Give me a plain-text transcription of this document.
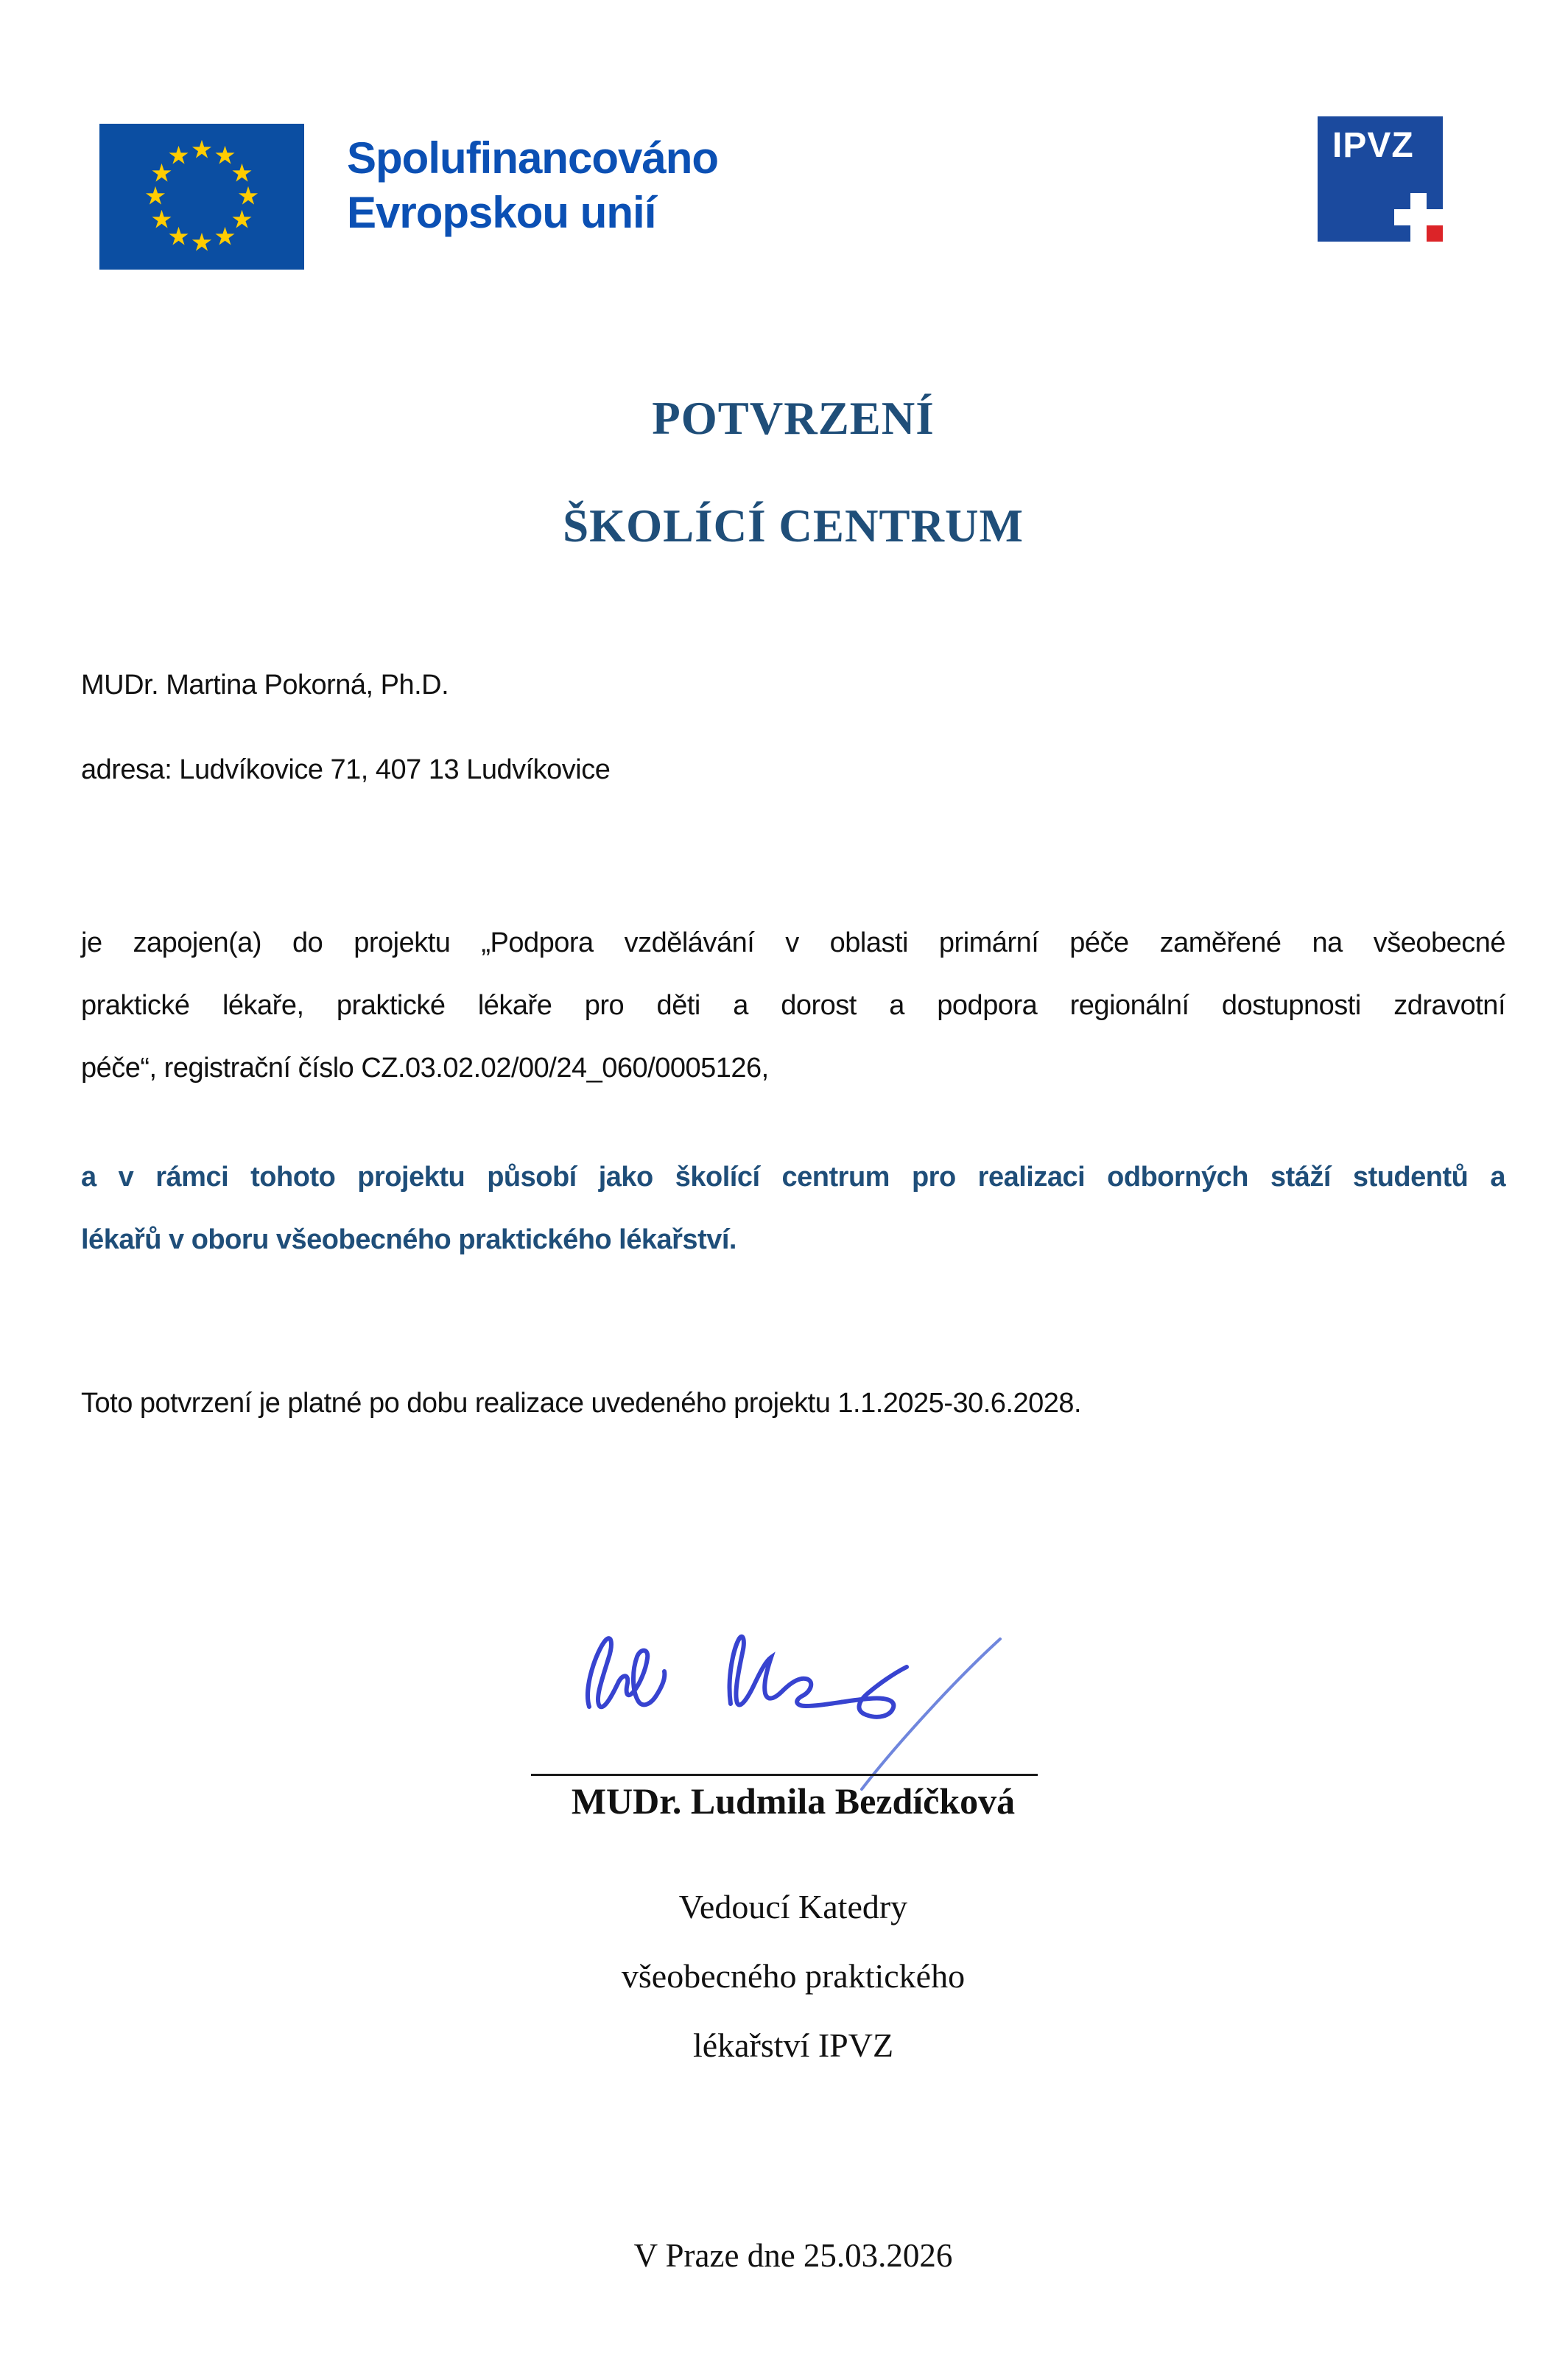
★ ★
★
★
★
★
★
★
★
★
★
★	Spolufinancováno
Evropskou unií
IPVZ
POTVRZENÍ
ŠKOLÍCÍ CENTRUM
MUDr. Martina Pokorná, Ph.D.
adresa: Ludvíkovice 71, 407 13 Ludvíkovice
je zapojen(a) do projektu „Podpora vzdělávání v oblasti primární péče zaměřené na všeobecné
praktické lékaře, praktické lékaře pro děti a dorost a podpora regionální dostupnosti zdravotní
péče“, registrační číslo CZ.03.02.02/00/24_060/0005126,
a v rámci tohoto projektu působí jako školící centrum pro realizaci odborných stáží studentů a
lékařů v oboru všeobecného praktického lékařství.
Toto potvrzení je platné po dobu realizace uvedeného projektu 1.1.2025-30.6.2028.
MUDr. Ludmila Bezdíčková
Vedoucí Katedry
všeobecného praktického
lékařství IPVZ
V Praze dne 25.03.2026
